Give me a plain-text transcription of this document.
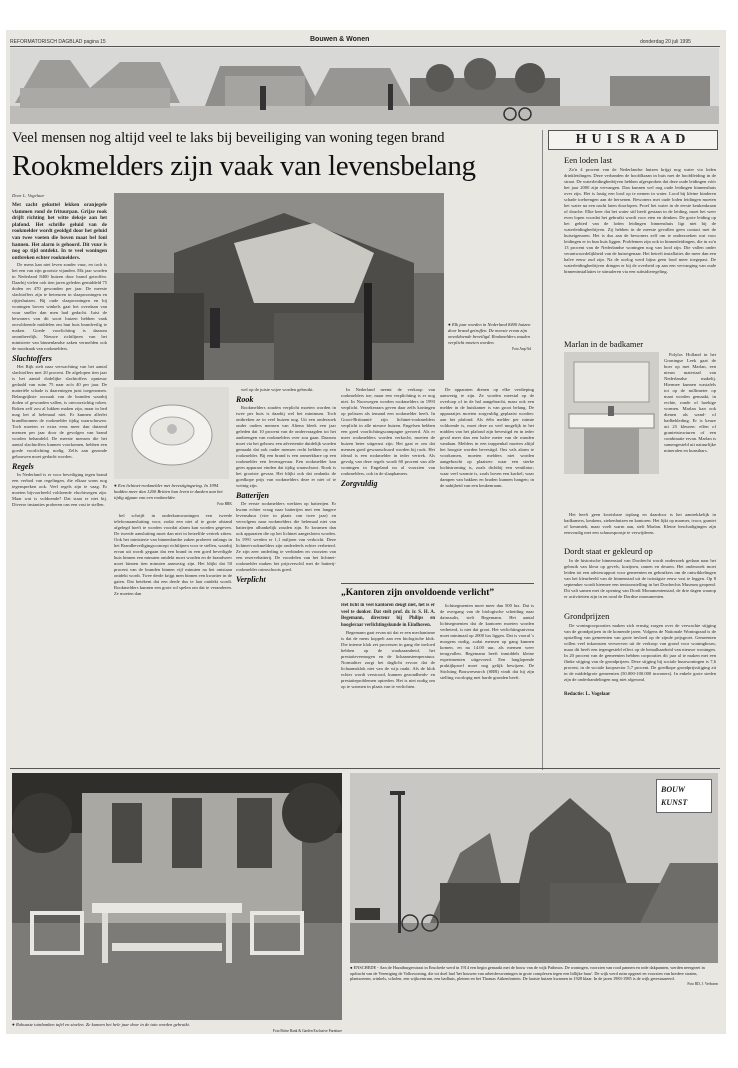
REFORMATORISCH DAGBLAD pagina 15	Bouwen & Wonen	donderdag 20 juli 1995
Veel mensen nog altijd veel te laks bij beveiliging van woning tegen brand
Rookmelders zijn vaak van levensbelang

Door L. Vogelaar

Met zacht gekuttel lekken oranjegele vlammen rond de frituurpan. Grijze rook drijft richting het witte deksje aan het plafond. Het schrille geluid van de rookmelder wordt geoidgd door het geluid van twee voeten die boven maat bel fonl hannen. Het alarm is gehoord. Dit vuur is nog op tijd ontdekt. In te veel woningen ontbreken echter rookmelders.

De mens kan niet leven zonder vuur, en toch is het een van zijn grootste vijanden. Elk jaar worden in Nederland 8400 huizen door brand getroffen. Daarbij vielen ook tien jaren geleden gemiddeld 75 doden en 470 gewonden per jaar. De meeste slachtoffers zijn te betreuren in slaapwoningen en rijtjeshuizen. Bij oude slaapwoningen en bij woningen boven winkels gaat het overdaan van vuur sneller dan men had gedacht. Juist de bewoners van dit soort huizen hebben vaak onvoldoende middelen om hun huis brandveilig te maken. Goede voorlichting is daarom onontbeerlijk. Nieuwe richtlijnen van het ministerie van binnenlandse zaken vermelden ook de noodzaak van rookmelders.

Slachtoffers

Het Rijk stelt naar verwachting van het aantal slachtoffers met 20 procent. De afgelopen tien jaar is het aantal dodelijke slachtoffers opnieuw gedaald van ruim 75 naar zo'n 40 per jaar. De materiële schade is daarentegen juist toegenomen. Belangrijkste oorzaak van de branden waarbij doden of gewonden vallen, is onvoorzichtig roken. Roken zelf zou al lukken maken zijn, maar in bed mag het al helemaal niet. Er kunnen allerlei brandbronnen de rookmelder tijdig waarschuwen. Toch moeten er extra eens meer dan duizend mensen per jaar door de gevolgen van brand worden behandeld. De meeste mensen die het aantal slachtoffers kunnen voorkomen, hebben een goede voorlichting nodig. Zelfs aan gezonde gebouwen moet gedacht worden.

Regels

In Nederland is er voor beveiliging tegen brand een verbod van regelingen, die elkaar soms nog tegenspreken ook. Veel regels zijn te vaag. Er moeten bijvoorbeeld voldoende vluchtwegen zijn. Maar wat is voldoende? Dat staat er niet bij. Diverse instanties proberen ons een vast te stellen.

● Elk jaar worden in Nederland 8400 huizen door brand getroffen. De meeste ervan zijn onvoldoende beveiligd. Rookmelders zouden verplicht moeten worden.
Foto Anp/Ad
● Een lichtnet-rookmelder met bevestigingsring. In 1994 hadden meer dan 1200 Britten hun leven te danken aan het tijdig afgaan van een rookmelder.
Foto BRK

bel schrijft in onderkomwoningen een tweede telefoonaansluiting voor, zodat een niet al te grote afstand afgelegd hoeft te worden voordat alarm kan worden gegeven. De tweede aansluiting moet dan niet in hetzelfde vertrek zitten. Ook het ministerie van binnenlandse zaken probeert onlangs in het Brandbeveiligingsconcept richtlijnen voor te stellen, waarbij ervan uit wordt gegaan dat een brand in een goed beveiligde huis binnen een minuten ontdekt moet worden en de brandweer moet binnen tien minuten aanwezig zijn. Het blijkt dat 50 procent van de branden binnen vijf minuten na het ontstaan ontdekt wordt. Twee derde krijgt men binnen een kwartier in de gaten. Dat betekent dat een derde dus te laat ontdekt wordt. Rookmelders kunnen een grote rol spelen om dat te veranderen. Ze moeten dan

wel op de juiste wijze worden gebruikt.

Rook

Rookmelders zouden verplicht moeten worden in twee per huis is daarbij wel het minimum. Toch ontbreken ze in veel huizen nog. Uit een onderzoek onder ouders mensen van Altena bleek een jaar geleden dat 10 procent van de ondervraagden tot het aanbrengen van rookmelders over zou gaan. Daarom moet via het gebouw een advertentie duidelijk worden gemaakt dat ook ouder mensen recht hebben op een rookmelder. Bij een brand is een onmerkbare op een rookmelder een levensgevaar. Een rookmelder kan geen apparaat vinden dat tijdig waarschuwt. Rook is het grootste gevaar. Het blijkt ook dat ondanks de goedkope prijs van rookmelders deze er niet of te weinig zijn.

Batterijen

De eerste rookmelders werkten op batterijen. Er kwam echter vraag naar batterijen met een langere levensduur (vier in plaats van twee jaar) en vervolgens naar rookmelders die helemaal niet van batterijen afhankelijk zouden zijn. Er kwamen dan ook apparaten die op het lichtnet aangesloten worden. In 1991 werden er 1,1 miljoen van verkocht. Deze lichtnet-rookmelders zijn onderdeels echter verbeterd. Ze zijn zeer onderling te verbinden en voorzien van een reservebatterij. De voordelen van het lichtnet-rookmelder maken het prijsverschil met de batterij-rookmelder ruimschoots goed.

Verplicht

In Nederland neemt de verkoop van rookmelders toe, maar een verplichting is er nog niet. In Noorwegen worden rookmelders in 1993 verplicht. Verzekeraars geven daar zelfs kortingen op polissen als iemand een rookmelder heeft. In Groot-Brittannië zijn lichtnet-rookmelders verplicht in alle nieuwe huizen. Engelsen hebben een goed voorlichtingscampagne gevoerd. Als er meer rookmelders worden verkocht, moeten de huizen beter uitgerust zijn. Het gaat er om dat mensen goed gewaarschuwd worden bij rook. Het ideaal is een rookmelder in ieder vertrek. Als gevolg van deze regels wordt 60 procent van alle woningen in Engeland nu al voorzien van rookmelders, ook in de slaapkamers.

Zorgvuldig

De apparaten dienen op elke verdieping aanwezig te zijn. Ze worden meestal op de overloop of in de hal aangebracht, maar ook een melder in de huiskamer is van groot belang. De apparaatjes moeten zorgvuldig geplaatst worden: aan het plafond. Als ééln melder per ruimte voldoende is, moet deze zo veel mogelijk in het midden van het plafond zijn bevestigd en in ieder geval meer dan een halve meter van de wanden vandaan. Melders in een trappenhal moeten altijd het hoogste worden bevestigd. Ons vals alarm te voorkomen, moeten melders niet worden aangebracht op plaatsen: waar een sterke luchtstroming is, zoals dichtbij een ventilator; waar veel warmte is, zoals boven een kachel; waar dampen van bakken en braden kunnen hangen; in de nabijheid van een keukenraam.

„Kantoren zijn onvoldoende verlicht”

Het licht in veel kantoren deugt niet, het is er veel te donker. Dat stelt prof. dr. ir. S. H. A. Begemann, directeur bij Philips en hoogleraar verlichtingskunde in Eindhoven.

Begemann gaat ervan uit dat er een mechanisme is dat de mens koppelt aan een biologische klok. Die interne klok zet processen in gang die invloed hebben op de waakzaamheid, het prestatievermogen en de lichaamstemperatuur. Normaliter zorgt het daglicht ervoor dat de lichaamsklok niet van de wijs raakt. Als de klok echter wordt verstoord, kunnen gezondheids- en prestatieproblemen optreden. Het is niet nodig om op te warmen in plaats van te verlichten.

lichtsegmenten moet meer dan 500 lux. Dat is de overgang van de biologische scheiding naar dainssulis, stelt Begemann. Het aantal lichtsegmenten dat de kantoren moeten worden verbeterd, is niet dat groot. Het verlichtingsniveau moet minimaal op 2000 lux liggen. Dat is vooral 's morgens nodig, zodat mensen op gang kunnen komen, en na 14.00 uur, als mensen weer terugvallen. Begemann heeft inmiddels kleine experimenten uitgevoerd. Een langlopende praktijkproef moet nog gelijk bewijzen. De Stichting Bouwresearch (SBR) vindt dat hij zijn stelling voorlopig met harde gronden heeft.

HUISRAAD
Een loden last

Zo'n 4 procent van de Nederlandse huizen krijgt nog water via loden drinkleidingen. Deze verbanden de hoofdkraan in huis met de hoofdleiding in de straat. De waterleidingbedrijven hebben afgesproken dat deze oude leidingen vóór het jaar 2000 zijn vervangen. Dan kunnen wel nog oude leidingen binnenshuis over zijn. Het is lastig een lood op te nemen in water. Lood bij kleine kinderen schade toebrengen aan de hersenen. Bewoners met oude loden leidingen moeten het water na een nacht laten doorlopen. Proef het water in de eerste keukenkraan of douche. Elke keer dat het water stil heeft gestaan in de leiding, moet het weer even lopen voordat het gebruikt wordt voor eten en drinken. De grote leiding op het gebied van de loden leidingen binnenshuis ligt niet bij de waterleidingbedrijven. Zij hebben in de meeste gevallen geen contact met de huiseigenaren. Het is dus aan de bewoners zelf om te onderzoeken wat voor leidingen er in hun huis liggen. Problemen zijn ook in binnenleidingen, die in zo'n 13 procent van de Nederlandse woningen nog van lood zijn. Die vallen onder verantwoordelijkheid van de huiseigenaar. Het betreft installaties die meer dan een halve eeuw oud zijn. Na de oorlog werd bijna geen lood meer toegepast. De waterleidingbedrijven dringen er bij de overheid op aan een vervanging van oude binneninstallaties te stimuleren via een subsidieregeling.

Marlan in de badkamer

Polyloc Holland in het Groningse Leek gaat de boer op met Marlan, een nieuw materiaal van Nederlandse makelij. Hiermee kunnen wastafels tot op de millimeter op maat worden gemaakt, in rechte, ronde of hoekige vormen. Marlan kan ook dienen als wand- of badbekleding. Er is keuze uit 25 kleuren: effen of granietstructuren of een combinatie ervan. Marlan is samengesteld uit natuurlijke mineralen en kunsthars.

Het heeft geen kwetsbare toplaag en daardoor is het aantrekkelijk in badkamers, keukens, ziekenhuizen en kantoren. Het lijkt op marmer, ivoor, graniet of keramiek, maar voelt warm aan, stelt Marlan. Kleine beschadigingen zijn eenvoudig met een schuursponsje te verwijderen.

Dordt staat er gekleurd op

In de historische binnenstad van Dordrecht wordt onderzoek gedaan naar het gebruik van kleur op gevels, kozijnen, ramen en deuren. Het onderzoek moet leiden tot een adviesrapport voor gemeenten en gebruikers om de ontwikkelingen van het kleurbeeld van de binnenstad uit de twintigste eeuw vast te leggen. Op 8 september wordt hiermee een tentoonstelling in het Dordrechts Museum geopend. Dit valt samen met de opening van Dordt Monumentenstad, de drie dagen waarop er activiteiten zijn in en rond de Dordtse monumenten.

Grondprijzen

De woningcorporaties maken zich ernstig zorgen over de verwachte stijging van de grondprijzen in de komende jaren. Volgens de Nationale Woningraad is de opstelling van gemeenten van grote invloed op de zijnde prijsgroei. Gemeenten willen veel inkomsten verwerven uit de verkoop van grond voor woningbouw, maar dit heeft een tegengesteld effect op de betaalbaarheid van nieuwe woningen. In 20 procent van de gemeenten hebben corporaties dit jaar al te maken met een flinke stijging van de grondprijzen. Deze stijging bij sociale huurwoningen is 7,6 procent, in de sociale koopsector 5,7 procent. De goedkope grondprijsstijging zit in de middelgrote gemeenten (50.000-100.000 inwoners). In enkele grote steden zijn de onderhandelingen nog niet afgerond.

Redactie: L. Vogelaar
● Robuuste tuinbanken tafel en stoelen. Ze kunnen het hele jaar door in de tuin worden gebruikt.
Foto Britse Bank & Garden Exclusive Furniture
BOUW KUNST
● ENSCHEDE - Aan de Hazaiburgerstraat in Enschede werd in 1914 een begin gemaakt met de bouw van de wijk Pathmos. De woningen, voorzien van rood pannen en rode dakpannen, werden neergezet in opdracht van de Vereniging de Volkswoning, die tot doel had 'het bouwen van arbeiderswoningen in grote complexen tegen een billijke huur'. De wijk werd ruim opgezet en voorzien van bredere straten, plantsoenen, winkels, scholen, een wijkcentrum, een badhuis, pleinen en het Thomas Aitkenfontein. De laatste huizen kwamen in 1928 klaar. In de jaren 1983-1985 is de wijk gerestaureerd.
Foto RD, J. Verboom
